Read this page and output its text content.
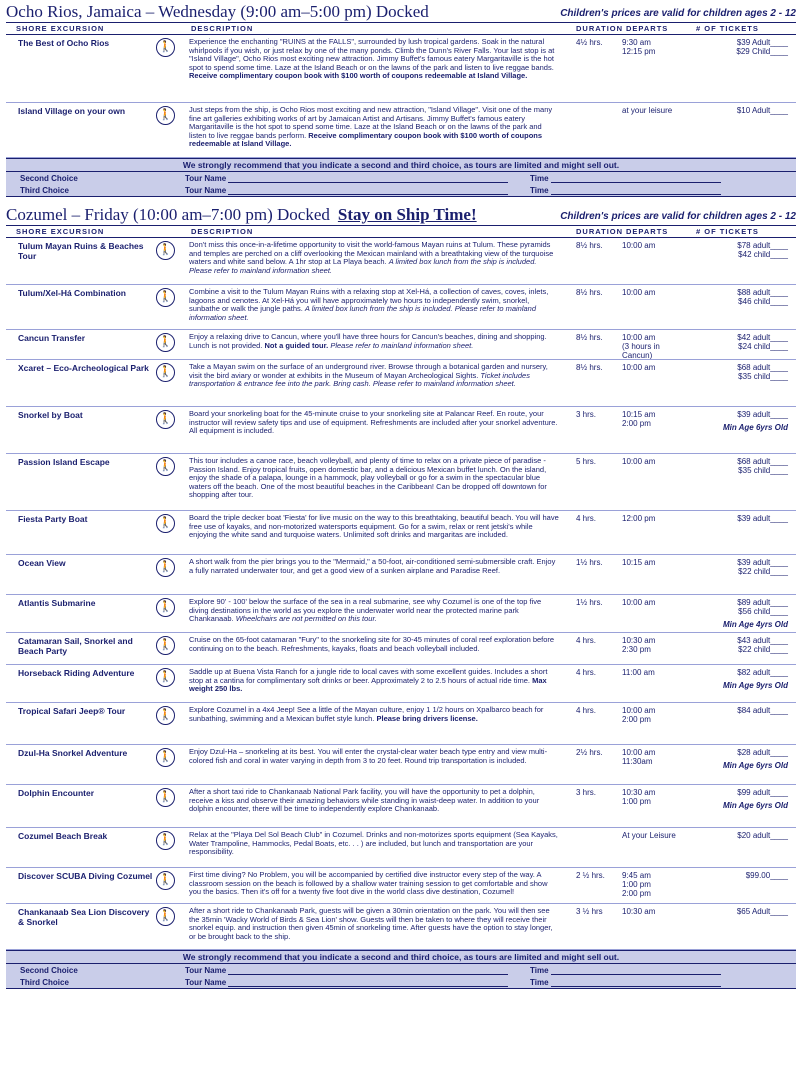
Ocho Rios, Jamaica – Wednesday (9:00 am–5:00 pm) Docked	Children's prices are valid for children ages 2 - 12
SHORE EXCURSION	DESCRIPTION	DURATION DEPARTS	# OF TICKETS
The Best of Ocho Rios	🚶	Experience the enchanting "RUINS at the FALLS", surrounded by lush tropical gardens. Soak in the natural whirlpools if you wish, or just relax by one of the many ponds. Climb the Dunn's River Falls. Your last stop is at "Island Village", Ocho Rios most exciting new attraction. Jimmy Buffet's famous eatery Margaritaville is the hot spot to spend some time. Laze at the Island Beach or on the lawns of the park and listen to live reggae bands. Receive complimentary coupon book with $100 worth of coupons redeemable at Island Village.
4½ hrs.	9:30 am
12:15 pm
$39 Adult____
$29 Child____
Island Village on your own	🚶	Just steps from the ship, is Ocho Rios most exciting and new attraction, "Island Village". Visit one of the many fine art galleries exhibiting works of art by Jamaican Artist and Artisans. Jimmy Buffet's famous eatery Margaritaville is the hot spot to spend some time. Laze at the Island Beach or on the lawns of the park and listen to live reggae bands perform. Receive complimentary coupon book with $100 worth of coupons redeemable at Island Village.
at your leisure	$10 Adult____
We strongly recommend that you indicate a second and third choice, as tours are limited and might sell out.
Second Choice	Tour Name	Time
Third Choice	Tour Name	Time
Cozumel – Friday (10:00 am–7:00 pm) Docked Stay on Ship Time!	Children's prices are valid for children ages 2 - 12
SHORE EXCURSION	DESCRIPTION	DURATION DEPARTS	# OF TICKETS
Tulum Mayan Ruins & Beaches Tour	🚶	Don't miss this once-in-a-lifetime opportunity to visit the world-famous Mayan ruins at Tulum. These pyramids and temples are perched on a cliff overlooking the Mexican mainland with a breathtaking view of the turquoise waters and white sand below. A 1hr stop at La Playa beach. A limited box lunch from the ship is included. Please refer to mainland information sheet.
8½ hrs.	10:00 am	$78 adult____
$42 child____
Tulum/Xel-Há Combination	🚶	Combine a visit to the Tulum Mayan Ruins with a relaxing stop at Xel-Há, a collection of caves, coves, inlets, lagoons and cenotes. At Xel-Há you will have approximately two hours to independently swim, snorkel, sunbathe or walk the jungle paths. A limited box lunch from the ship is included. Please refer to mainland information sheet.
8½ hrs.	10:00 am	$88 adult____
$46 child____
Cancun Transfer	🚶	Enjoy a relaxing drive to Cancun, where you'll have three hours for Cancun's beaches, dining and shopping. Lunch is not provided. Not a guided tour. Please refer to mainland information sheet.
8½ hrs.	10:00 am
(3 hours in Cancun)
$42 adult____
$24 child____
Xcaret – Eco-Archeological Park 🚶	Take a Mayan swim on the surface of an underground river. Browse through a botanical garden and nursery, visit the bird aviary or wonder at exhibits in the Museum of Mayan Archeological Sights. Ticket includes transportation & entrance fee into the park. Bring cash. Please refer to mainland information sheet.
8½ hrs.	10:00 am	$68 adult____
$35 child____
Snorkel by Boat	🚶	Board your snorkeling boat for the 45-minute cruise to your snorkeling site at Palancar Reef. En route, your instructor will review safety tips and use of equipment. Refreshments are included after your snorkel adventure. All equipment is included.
3 hrs.	10:15 am
2:00 pm
$39 adult____
Min Age 6yrs Old
Passion Island Escape	🚶	This tour includes a canoe race, beach volleyball, and plenty of time to relax on a private piece of paradise - Passion Island. Enjoy tropical fruits, open domestic bar, and a delicious Mexican buffet lunch. On the island, enjoy the shade of a palapa, lounge in a hammock, play volleyball or go for a swim in the spectacular blue waters off the beach. One of the most beautiful beaches in the Caribbean! Can be dropped off downtown for shopping after tour.
5 hrs.	10:00 am	$68 adult____
$35 child____
Fiesta Party Boat	🚶	Board the triple decker boat 'Fiesta' for live music on the way to this breathtaking, beautiful beach. You will have free use of kayaks, and non-motorized watersports equipment. Go for a swim, relax or rent jetski's while enjoying the white sand and turquoise waters. Unlimited soft drinks and margaritas are included.
4 hrs.	12:00 pm	$39 adult____
Ocean View	🚶	A short walk from the pier brings you to the "Mermaid," a 50-foot, air-conditioned semi-submersible craft. Enjoy a fully narrated underwater tour, and get a good view of a sunken airplane and Paradise Reef.
1½ hrs.	10:15 am	$39 adult____
$22 child____
Atlantis Submarine	🚶	Explore 90' - 100' below the surface of the sea in a real submarine, see why Cozumel is one of the top five diving destinations in the world as you explore the underwater world near the protected marine park Chankanaab. Wheelchairs are not permitted on this tour.
1½ hrs.	10:00 am	$89 adult____
$56 child____
Min Age 4yrs Old
Catamaran Sail, Snorkel and Beach Party	🚶	Cruise on the 65-foot catamaran "Fury" to the snorkeling site for 30-45 minutes of coral reef exploration before continuing on to the beach. Refreshments, kayaks, floats and beach volleyball included.
4 hrs.	10:30 am
2:30 pm
$43 adult____
$22 child____
Horseback Riding Adventure	🚶	Saddle up at Buena Vista Ranch for a jungle ride to local caves with some excellent guides. Includes a short stop at a cantina for complimentary soft drinks or beer. Approximately 2 to 2.5 hours of actual ride time. Max weight 250 lbs.
4 hrs.	11:00 am	$82 adult____
Min Age 9yrs Old
Tropical Safari Jeep® Tour	🚶	Explore Cozumel in a 4x4 Jeep! See a little of the Mayan culture, enjoy 1 1/2 hours on Xpalbarco beach for sunbathing, swimming and a Mexican buffet style lunch. Please bring drivers license.
4 hrs.	10:00 am
2:00 pm
$84 adult____
Dzul-Ha Snorkel Adventure	🚶	Enjoy Dzul-Ha – snorkeling at its best. You will enter the crystal-clear water beach type entry and view multi-colored fish and coral in water varying in depth from 3 to 20 feet. Round trip transportation is included.
2½ hrs.	10:00 am
11:30am
$28 adult____
Min Age 6yrs Old
Dolphin Encounter	🚶	After a short taxi ride to Chankanaab National Park facility, you will have the opportunity to pet a dolphin, receive a kiss and observe their amazing behaviors while standing in waist-deep water. In addition to your dolphin encounter, there will be time to independently explore Chankanaab.
3 hrs.	10:30 am
1:00 pm
$99 adult____
Min Age 6yrs Old
Cozumel Beach Break	🚶	Relax at the "Playa Del Sol Beach Club" in Cozumel. Drinks and non-motorizes sports equipment (Sea Kayaks, Water Trampoline, Hammocks, Pedal Boats, etc. . . ) are included, but lunch and transportation are your responsibility.
At your Leisure	$20 adult____
Discover SCUBA Diving Cozumel 🚶	First time diving? No Problem, you will be accompanied by certified dive instructor every step of the way. A classroom session on the beach is followed by a shallow water training session to get comfortable and show you the basics. Then it's off for a twenty five foot dive in the world class dive destination, Cozumel!
2 ½ hrs.	9:45 am
1:00 pm
2:00 pm
$99.00____
Chankanaab Sea Lion Discovery & Snorkel	🚶	After a short ride to Chankanaab Park, guests will be given a 30min orientation on the park. You will then see the 35min 'Wacky World of Birds & Sea Lion' show. Guests will then be taken to where they will receive their snorkel equip. and instruction then given 45min of snorkeling time. After guests have the option to stay longer, or be brought back to the ship.
3 ½ hrs	10:30 am	$65 Adult____
We strongly recommend that you indicate a second and third choice, as tours are limited and might sell out.
Second Choice	Tour Name	Time
Third Choice	Tour Name	Time
